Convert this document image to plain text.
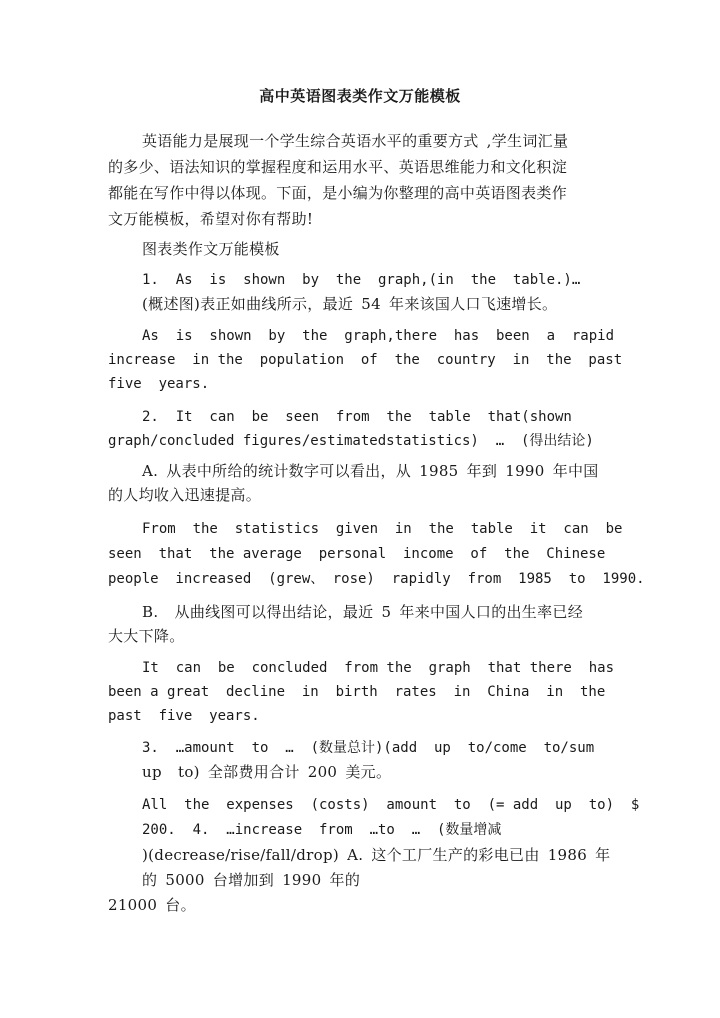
高中英语图表类作文万能模板
英语能力是展现一个学生综合英语水平的重要方式 ,学生词汇量
的多少、语法知识的掌握程度和运用水平、英语思维能力和文化积淀
都能在写作中得以体现。下面，是小编为你整理的高中英语图表类作
文万能模板，希望对你有帮助!
图表类作文万能模板
1.  As  is  shown  by  the  graph,(in  the  table.)…
(概述图)表正如曲线所示，最近 54 年来该国人口飞速增长。
As  is  shown  by  the  graph,there  has  been  a  rapid
increase  in the  population  of  the  country  in  the  past
five  years.
2.  It  can  be  seen  from  the  table  that(shown
graph/concluded figures/estimatedstatistics)  …  (得出结论)
A. 从表中所给的统计数字可以看出，从 1985 年到 1990 年中国
的人均收入迅速提高。
From  the  statistics  given  in  the  table  it  can  be
seen  that  the average  personal  income  of  the  Chinese
people  increased  (grew、 rose)  rapidly  from  1985  to  1990.
B.  从曲线图可以得出结论，最近 5 年来中国人口的出生率已经
大大下降。
It  can  be  concluded  from the  graph  that there  has
been a great  decline  in  birth  rates  in  China  in  the
past  five  years.
3.  …amount  to  …  (数量总计)(add  up  to/come  to/sum
up  to) 全部费用合计 200 美元。
All  the  expenses  (costs)  amount  to  (= add  up  to)  $
200.  4.  …increase  from  …to  …  (数量增减
)(decrease/rise/fall/drop) A. 这个工厂生产的彩电已由 1986 年
的 5000 台增加到 1990 年的
21000 台。
